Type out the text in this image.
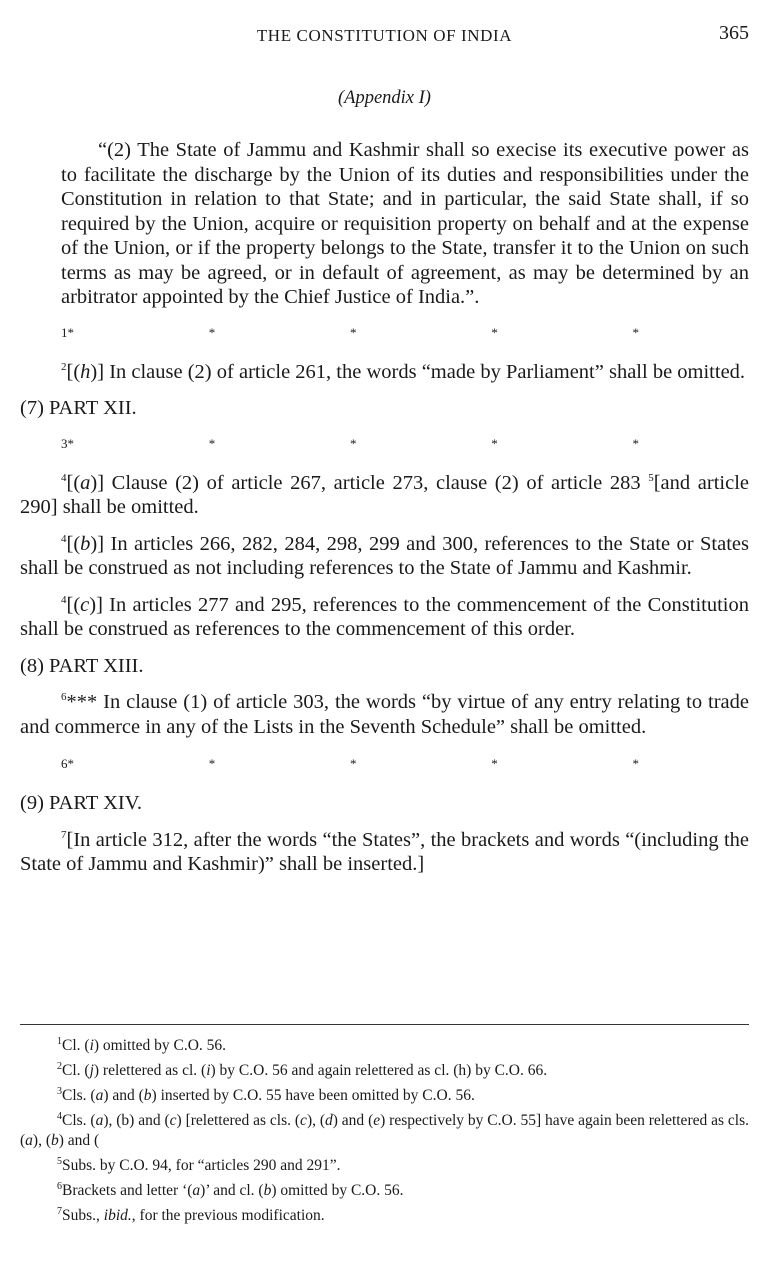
THE CONSTITUTION OF INDIA	365
(Appendix I)

“(2) The State of Jammu and Kashmir shall so execise its executive power as to facilitate the discharge by the Union of its duties and responsibilities under the Constitution in relation to that State; and in particular, the said State shall, if so required by the Union, acquire or requisition property on behalf and at the expense of the Union, or if the property belongs to the State, transfer it to the Union on such terms as may be agreed, or in default of agreement, as may be determined by an arbitrator appointed by the Chief Justice of India.”.

1*	*	*	*	*

$^2$[(h)] In clause (2) of article 261, the words “made by Parliament” shall be omitted.

(7) PART XII.

3*	*	*	*	*

$^4$[(a)] Clause (2) of article 267, article 273, clause (2) of article 283 $^5$[and article 290] shall be omitted.

$^4$[(b)] In articles 266, 282, 284, 298, 299 and 300, references to the State or States shall be construed as not including references to the State of Jammu and Kashmir.

$^4$[(c)] In articles 277 and 295, references to the commencement of the Constitution shall be construed as references to the commencement of this order.

(8) PART XIII.

$^6$*** In clause (1) of article 303, the words “by virtue of any entry relating to trade and commerce in any of the Lists in the Seventh Schedule” shall be omitted.

6*	*	*	*	*

(9) PART XIV.

$^7$[In article 312, after the words “the States”, the brackets and words “(including the State of Jammu and Kashmir)” shall be inserted.]

$^1$Cl. (i) omitted by C.O. 56.

$^2$Cl. (j) relettered as cl. (i) by C.O. 56 and again relettered as cl. (h) by C.O. 66.

$^3$Cls. (a) and (b) inserted by C.O. 55 have been omitted by C.O. 56.

$^4$Cls. (a), (b) and (c) [relettered as cls. (c), (d) and (e) respectively by C.O. 55] have again been relettered as cls. (a), (b) and (

$^5$Subs. by C.O. 94, for “articles 290 and 291”.

$^6$Brackets and letter ‘(a)’ and cl. (b) omitted by C.O. 56.

$^7$Subs., ibid., for the previous modification.
